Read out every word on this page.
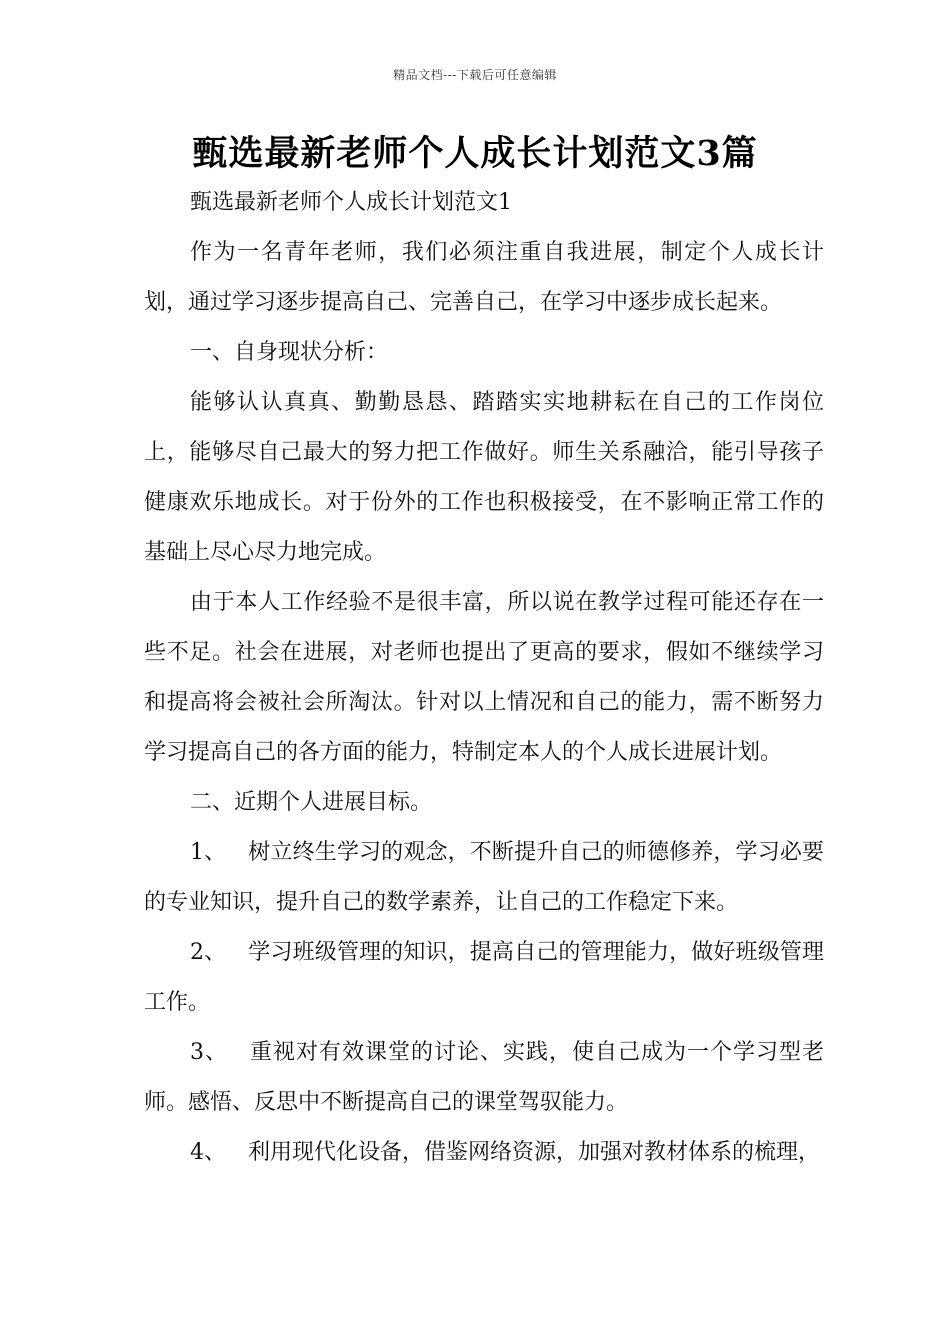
精品文档---下载后可任意编辑
甄选最新老师个人成长计划范文3篇

甄选最新老师个人成长计划范文1

作为一名青年老师，我们必须注重自我进展，制定个人成长计划，通过学习逐步提高自己、完善自己，在学习中逐步成长起来。

一、自身现状分析：

能够认认真真、勤勤恳恳、踏踏实实地耕耘在自己的工作岗位上，能够尽自己最大的努力把工作做好。师生关系融洽，能引导孩子健康欢乐地成长。对于份外的工作也积极接受，在不影响正常工作的基础上尽心尽力地完成。

由于本人工作经验不是很丰富，所以说在教学过程可能还存在一些不足。社会在进展，对老师也提出了更高的要求，假如不继续学习和提高将会被社会所淘汰。针对以上情况和自己的能力，需不断努力学习提高自己的各方面的能力，特制定本人的个人成长进展计划。

二、近期个人进展目标。

1、 树立终生学习的观念，不断提升自己的师德修养，学习必要的专业知识，提升自己的数学素养，让自己的工作稳定下来。

2、 学习班级管理的知识，提高自己的管理能力，做好班级管理工作。

3、 重视对有效课堂的讨论、实践，使自己成为一个学习型老师。感悟、反思中不断提高自己的课堂驾驭能力。

4、 利用现代化设备，借鉴网络资源，加强对教材体系的梳理，
